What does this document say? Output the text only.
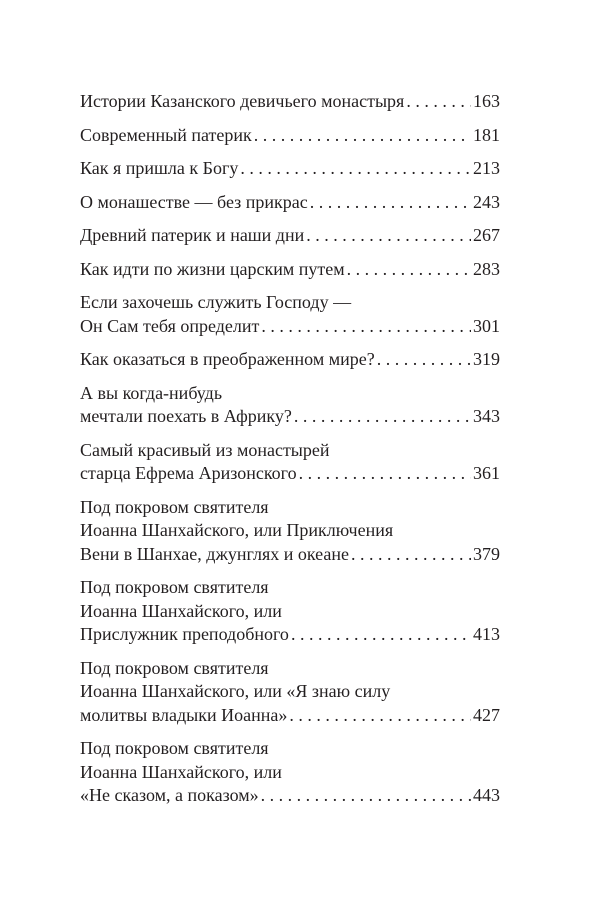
Истории Казанского девичьего монастыря . . .	163
Современный патерик . . .	181
Как я пришла к Богу . . .	213
О монашестве — без прикрас . . .	243
Древний патерик и наши дни . . .	267
Как идти по жизни царским путем . . .	283
Если захочешь служить Господу —
Он Сам тебя определит . . .	301
Как оказаться в преображенном мире? . . .	319
А вы когда-нибудь
мечтали поехать в Африку? . . .	343
Самый красивый из монастырей
старца Ефрема Аризонского . . .	361
Под покровом святителя
Иоанна Шанхайского, или Приключения
Вени в Шанхае, джунглях и океане . . .	379
Под покровом святителя
Иоанна Шанхайского, или
Прислужник преподобного . . .	413
Под покровом святителя
Иоанна Шанхайского, или «Я знаю силу
молитвы владыки Иоанна» . . .	427
Под покровом святителя
Иоанна Шанхайского, или
«Не сказом, а показом» . . .	443
